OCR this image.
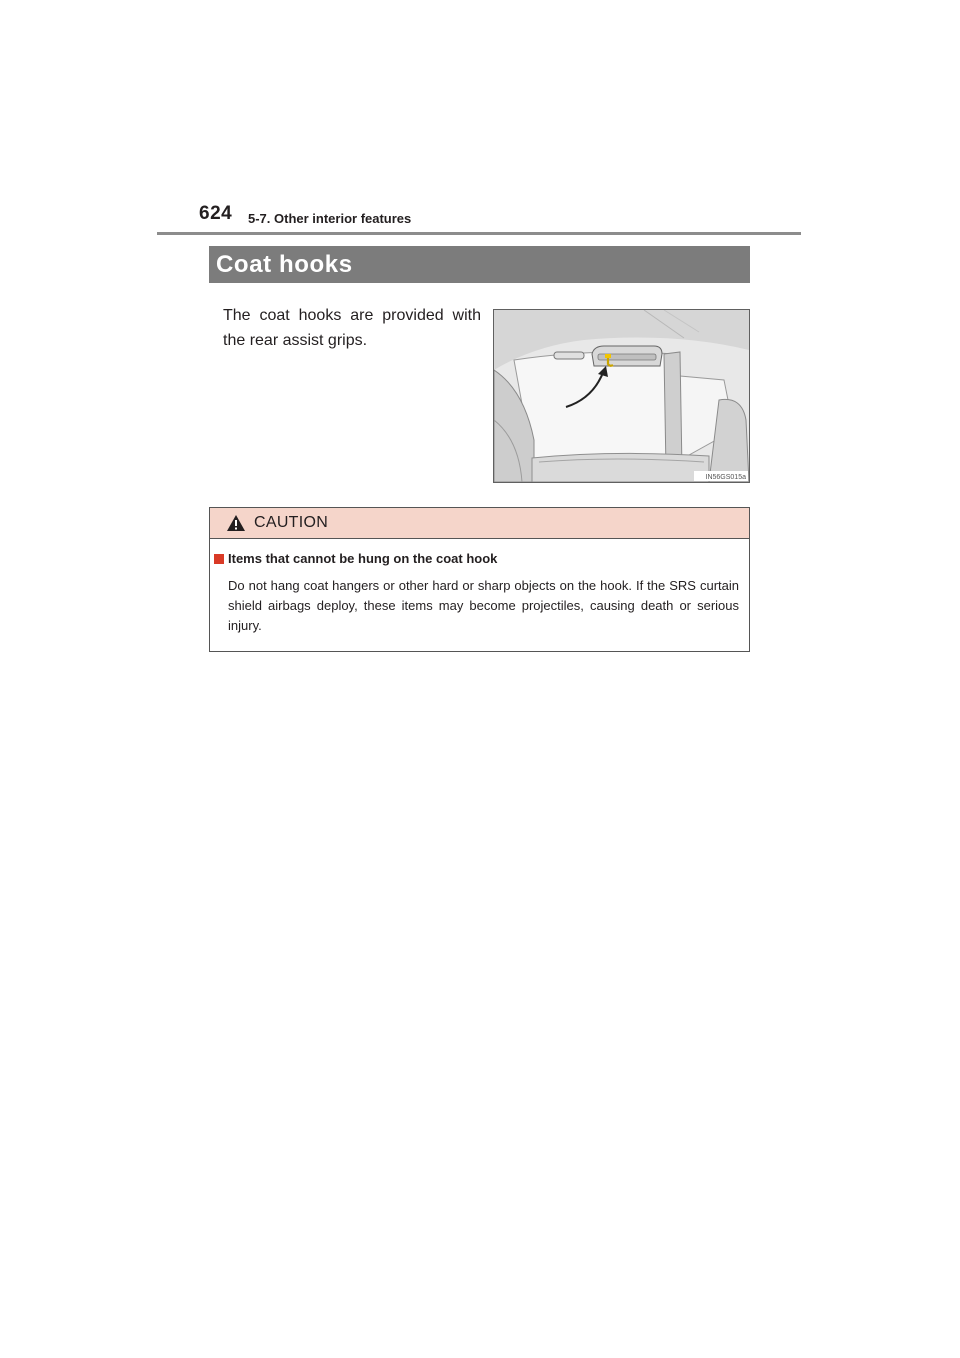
624 5-7. Other interior features
Coat hooks
The coat hooks are provided with the rear assist grips.
IN56GS015a
CAUTION
Items that cannot be hung on the coat hook
Do not hang coat hangers or other hard or sharp objects on the hook. If the SRS curtain shield airbags deploy, these items may become projectiles, causing death or serious injury.
